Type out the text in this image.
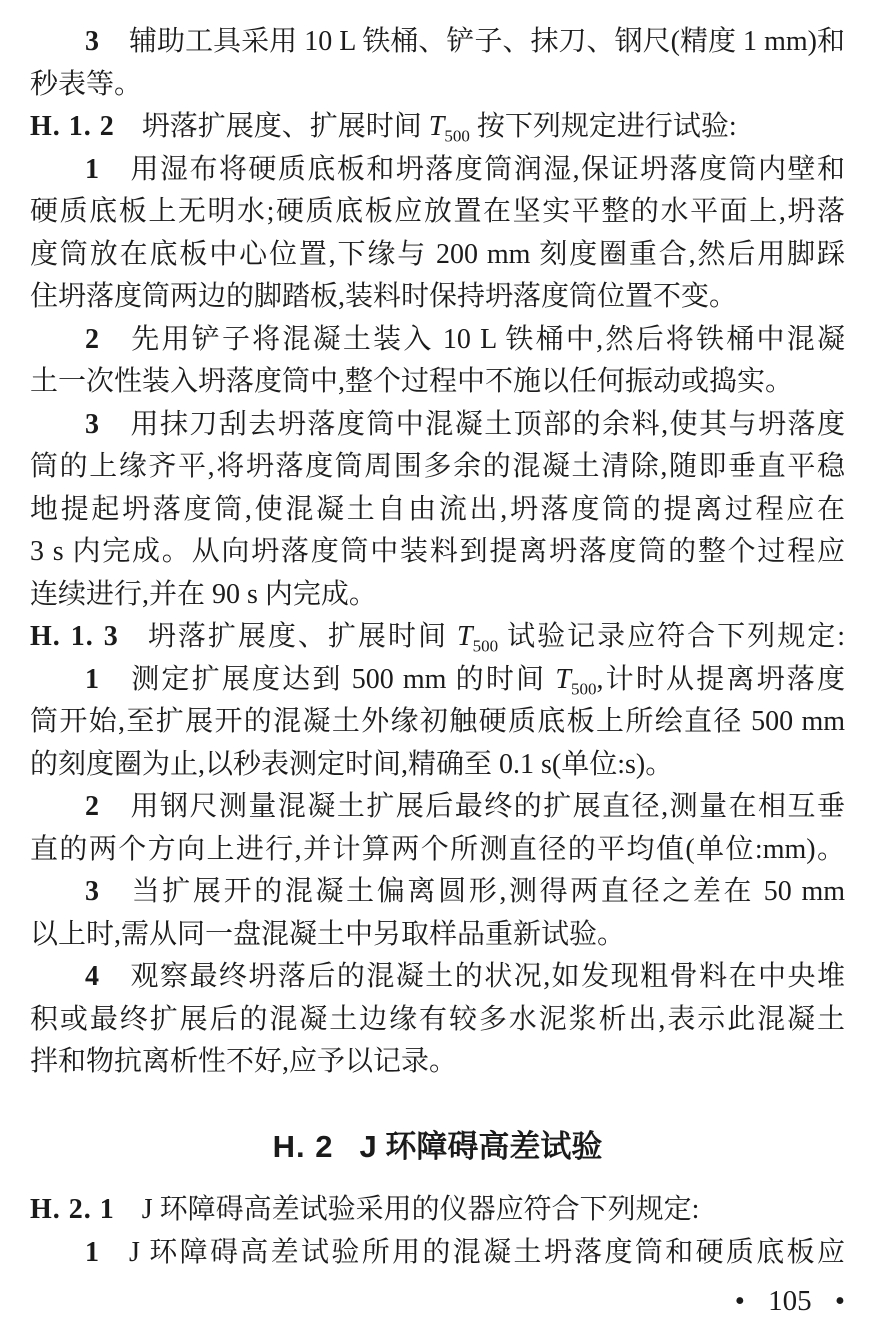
3 辅助工具采用 10 L 铁桶、铲子、抹刀、钢尺(精度 1 mm)和
秒表等。
H. 1. 2 坍落扩展度、扩展时间 $T_{500}$ 按下列规定进行试验:
1 用湿布将硬质底板和坍落度筒润湿,保证坍落度筒内壁和
硬质底板上无明水;硬质底板应放置在坚实平整的水平面上,坍落
度筒放在底板中心位置,下缘与 200 mm 刻度圈重合,然后用脚踩
住坍落度筒两边的脚踏板,装料时保持坍落度筒位置不变。
2 先用铲子将混凝土装入 10 L 铁桶中,然后将铁桶中混凝
土一次性装入坍落度筒中,整个过程中不施以任何振动或捣实。
3 用抹刀刮去坍落度筒中混凝土顶部的余料,使其与坍落度
筒的上缘齐平,将坍落度筒周围多余的混凝土清除,随即垂直平稳
地提起坍落度筒,使混凝土自由流出,坍落度筒的提离过程应在
3 s 内完成。从向坍落度筒中装料到提离坍落度筒的整个过程应
连续进行,并在 90 s 内完成。
H. 1. 3 坍落扩展度、扩展时间 $T_{500}$ 试验记录应符合下列规定:
1 测定扩展度达到 500 mm 的时间 $T_{500}$,计时从提离坍落度
筒开始,至扩展开的混凝土外缘初触硬质底板上所绘直径 500 mm
的刻度圈为止,以秒表测定时间,精确至 0.1 s(单位:s)。
2 用钢尺测量混凝土扩展后最终的扩展直径,测量在相互垂
直的两个方向上进行,并计算两个所测直径的平均值(单位:mm)。
3 当扩展开的混凝土偏离圆形,测得两直径之差在 50 mm
以上时,需从同一盘混凝土中另取样品重新试验。
4 观察最终坍落后的混凝土的状况,如发现粗骨料在中央堆
积或最终扩展后的混凝土边缘有较多水泥浆析出,表示此混凝土
拌和物抗离析性不好,应予以记录。
H. 2 J 环障碍高差试验
H. 2. 1 J 环障碍高差试验采用的仪器应符合下列规定:
1 J 环障碍高差试验所用的混凝土坍落度筒和硬质底板应
• 105 •
